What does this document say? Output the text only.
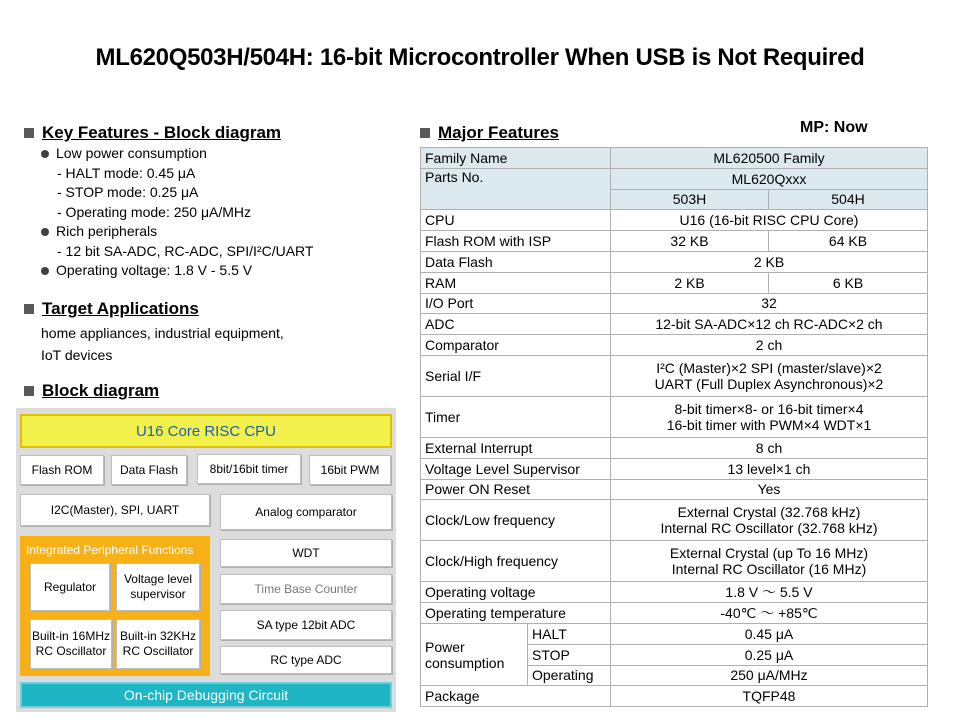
ML620Q503H/504H: 16-bit Microcontroller When USB is Not Required
Key Features - Block diagram
Low power consumption
- HALT mode: 0.45 μA
- STOP mode: 0.25 μA
- Operating mode: 250 μA/MHz
Rich peripherals
- 12 bit SA-ADC, RC-ADC, SPI/I²C/UART
Operating voltage: 1.8 V - 5.5 V
Target Applications
home appliances, industrial equipment,
IoT devices
Block diagram
U16 Core RISC CPU
Flash ROM	Data Flash	8bit/16bit timer	16bit PWM
I2C(Master), SPI, UART	Analog comparator
Integrated Peripheral Functions
Regulator
Voltage level supervisor
Built-in 16MHz RC Oscillator
Built-in 32KHz RC Oscillator
WDT
Time Base Counter
SA type 12bit ADC
RC type ADC
On-chip Debugging Circuit
Major Features	MP: Now
Family Name		ML620500 Family	
Parts No.		ML620Qxxx	
		503H	504H
CPU		U16 (16-bit RISC CPU Core)	
Flash ROM with ISP		32 KB	64 KB
Data Flash		2 KB	
RAM		2 KB	6 KB
I/O Port		32	
ADC		12-bit SA-ADC×12 ch RC-ADC×2 ch	
Comparator		2 ch	
Serial I/F		I²C (Master)×2 SPI (master/slave)×2
UART (Full Duplex Asynchronous)×2	

Timer		8-bit timer×8- or 16-bit timer×4
16-bit timer with PWM×4 WDT×1	

External Interrupt		8 ch	
Voltage Level Supervisor		13 level×1 ch	
Power ON Reset		Yes	
Clock/Low frequency		External Crystal (32.768 kHz)
Internal RC Oscillator (32.768 kHz)	

Clock/High frequency		External Crystal (up To 16 MHz)
Internal RC Oscillator (16 MHz)	

Operating voltage		1.8 V ～ 5.5 V	
Operating temperature		-40℃ ～ +85℃	
Power consumption	HALT	0.45 μA	
	STOP	0.25 μA	
	Operating	250 μA/MHz	
Package		TQFP48	
